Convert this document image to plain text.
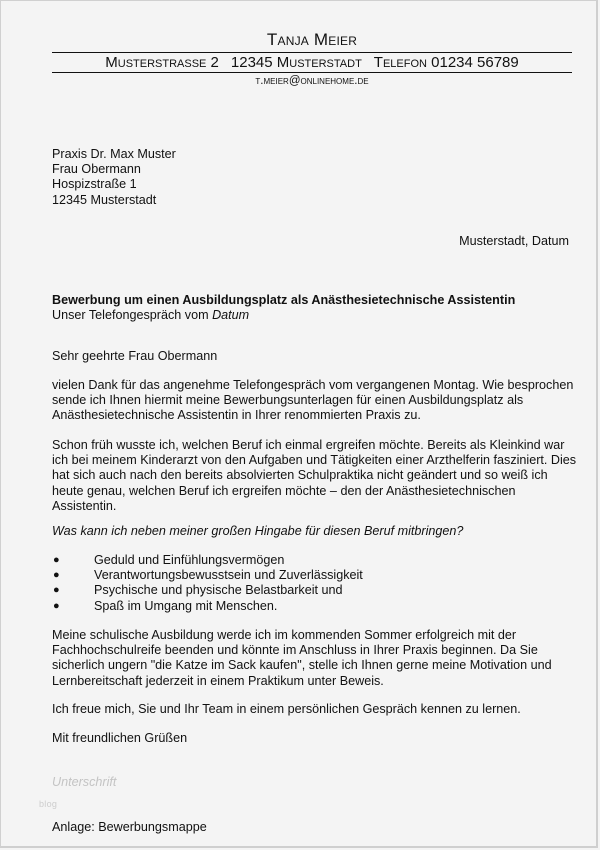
Tanja Meier
Musterstrasse 2 12345 Musterstadt Telefon 01234 56789
t.meier@onlinehome.de
Praxis Dr. Max Muster
Frau Obermann
Hospizstraße 1
12345 Musterstadt
Musterstadt, Datum
Bewerbung um einen Ausbildungsplatz als Anästhesietechnische Assistentin
Unser Telefongespräch vom Datum
Sehr geehrte Frau Obermann
vielen Dank für das angenehme Telefongespräch vom vergangenen Montag. Wie besprochen sende ich Ihnen hiermit meine Bewerbungsunterlagen für einen Ausbildungsplatz als Anästhesietechnische Assistentin in Ihrer renommierten Praxis zu.
Schon früh wusste ich, welchen Beruf ich einmal ergreifen möchte. Bereits als Kleinkind war ich bei meinem Kinderarzt von den Aufgaben und Tätigkeiten einer Arzthelferin fasziniert. Dies hat sich auch nach den bereits absolvierten Schulpraktika nicht geändert und so weiß ich heute genau, welchen Beruf ich ergreifen möchte – den der Anästhesietechnischen Assistentin.
Was kann ich neben meiner großen Hingabe für diesen Beruf mitbringen?
●	Geduld und Einfühlungsvermögen
●	Verantwortungsbewusstsein und Zuverlässigkeit
●	Psychische und physische Belastbarkeit und
●	Spaß im Umgang mit Menschen.
Meine schulische Ausbildung werde ich im kommenden Sommer erfolgreich mit der Fachhochschulreife beenden und könnte im Anschluss in Ihrer Praxis beginnen. Da Sie sicherlich ungern "die Katze im Sack kaufen", stelle ich Ihnen gerne meine Motivation und Lernbereitschaft jederzeit in einem Praktikum unter Beweis.
Ich freue mich, Sie und Ihr Team in einem persönlichen Gespräch kennen zu lernen.
Mit freundlichen Grüßen
Unterschrift
blog
Anlage: Bewerbungsmappe
